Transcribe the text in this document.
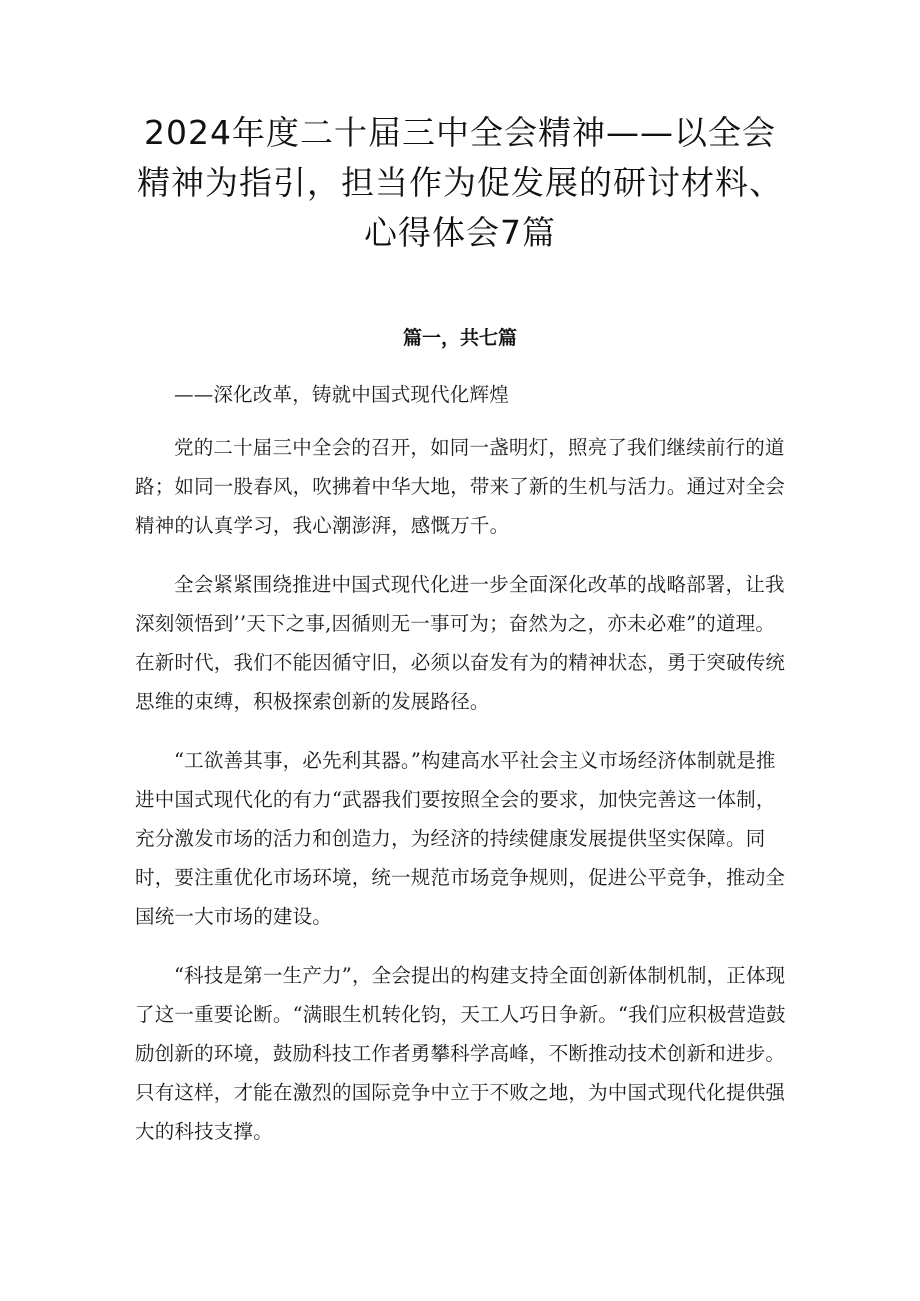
2024年度二十届三中全会精神——以全会精神为指引，担当作为促发展的研讨材料、心得体会7篇
篇一，共七篇

——深化改革，铸就中国式现代化辉煌

党的二十届三中全会的召开，如同一盏明灯，照亮了我们继续前行的道路；如同一股春风，吹拂着中华大地，带来了新的生机与活力。通过对全会精神的认真学习，我心潮澎湃，感慨万千。

全会紧紧围绕推进中国式现代化进一步全面深化改革的战略部署，让我深刻领悟到’’天下之事,因循则无一事可为；奋然为之，亦未必难”的道理。在新时代，我们不能因循守旧，必须以奋发有为的精神状态，勇于突破传统思维的束缚，积极探索创新的发展路径。

“工欲善其事，必先利其器。”构建高水平社会主义市场经济体制就是推进中国式现代化的有力“武器我们要按照全会的要求，加快完善这一体制，充分激发市场的活力和创造力，为经济的持续健康发展提供坚实保障。同时，要注重优化市场环境，统一规范市场竞争规则，促进公平竞争，推动全国统一大市场的建设。

“科技是第一生产力”，全会提出的构建支持全面创新体制机制，正体现了这一重要论断。“满眼生机转化钧，天工人巧日争新。“我们应积极营造鼓励创新的环境，鼓励科技工作者勇攀科学高峰，不断推动技术创新和进步。只有这样，才能在激烈的国际竞争中立于不败之地，为中国式现代化提供强大的科技支撑。
